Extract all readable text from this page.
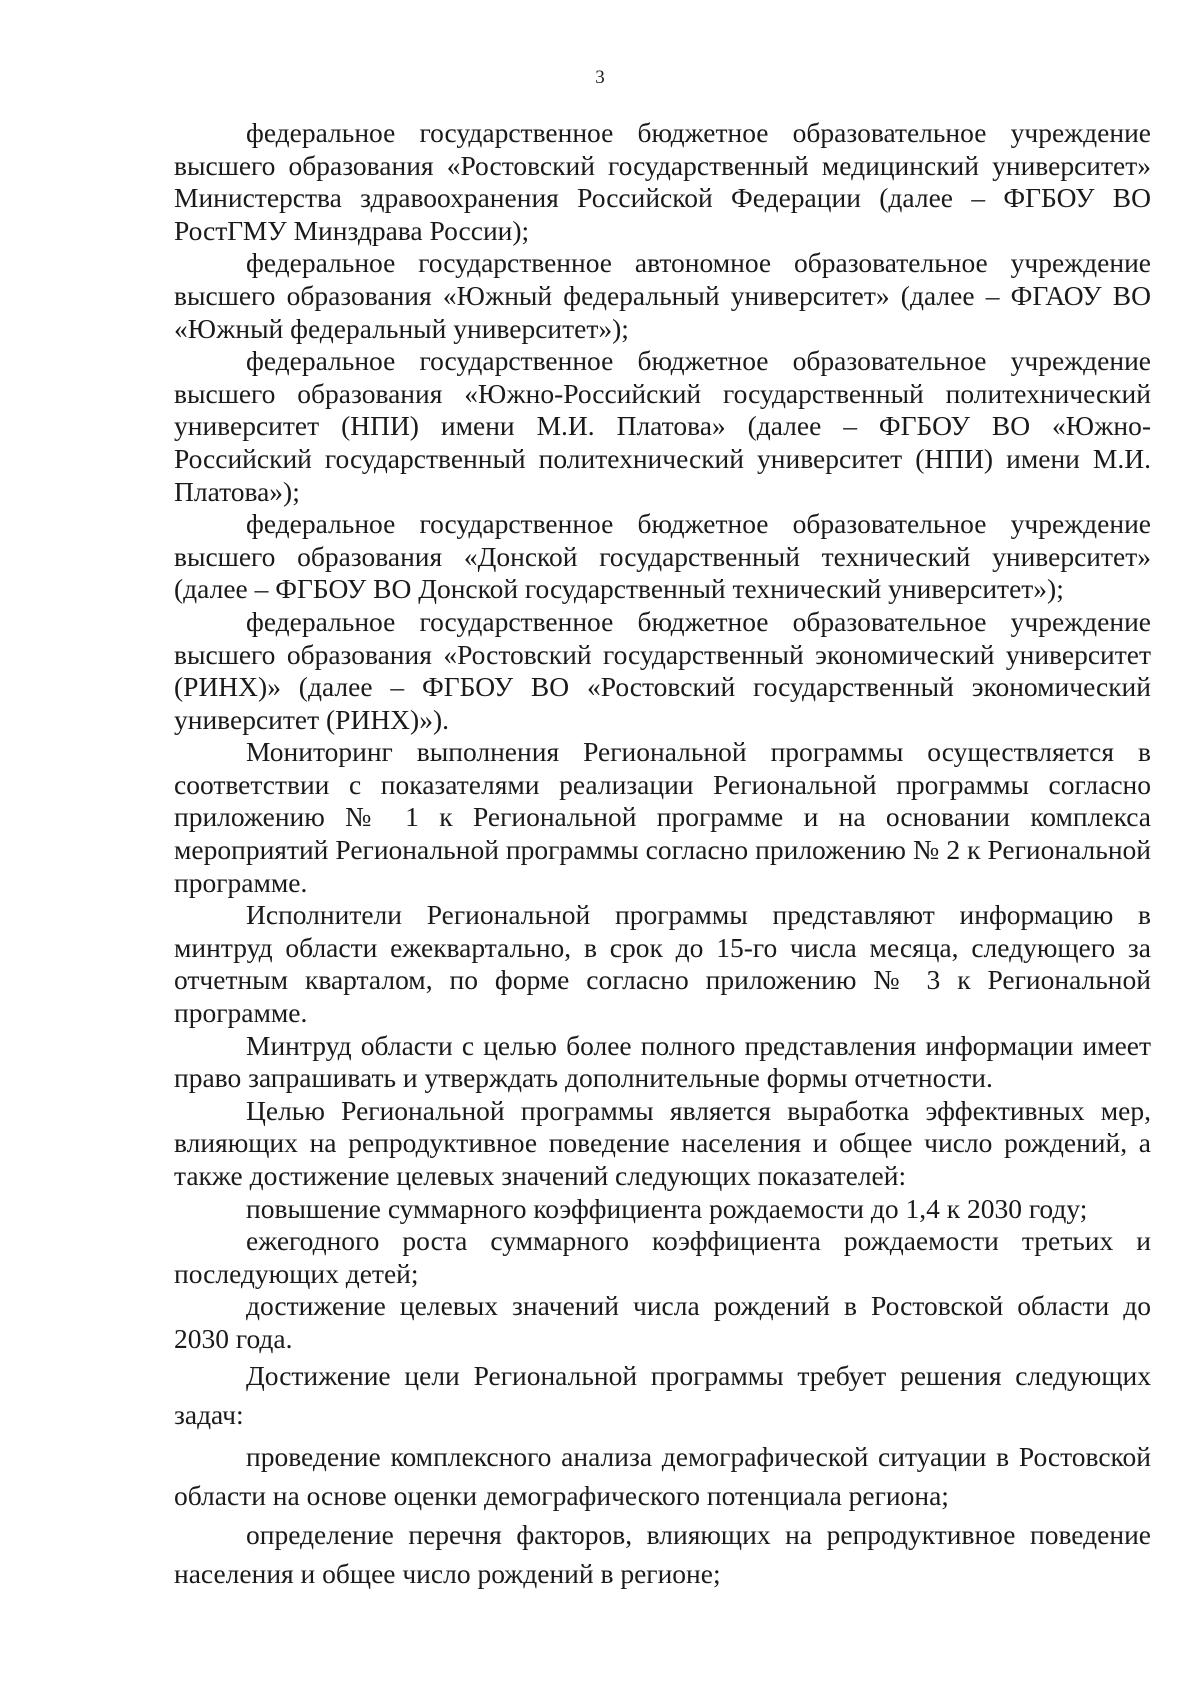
3

федеральное государственное бюджетное образовательное учреждение высшего образования «Ростовский государственный медицинский университет» Министерства здравоохранения Российской Федерации (далее – ФГБОУ ВО РостГМУ Минздрава России);

федеральное государственное автономное образовательное учреждение высшего образования «Южный федеральный университет» (далее – ФГАОУ ВО «Южный федеральный университет»);

федеральное государственное бюджетное образовательное учреждение высшего образования «Южно-Российский государственный политехнический университет (НПИ) имени М.И. Платова» (далее – ФГБОУ ВО «Южно-Российский государственный политехнический университет (НПИ) имени М.И. Платова»);

федеральное государственное бюджетное образовательное учреждение высшего образования «Донской государственный технический университет» (далее – ФГБОУ ВО Донской государственный технический университет»);

федеральное государственное бюджетное образовательное учреждение высшего образования «Ростовский государственный экономический университет (РИНХ)» (далее – ФГБОУ ВО «Ростовский государственный экономический университет (РИНХ)»).

Мониторинг выполнения Региональной программы осуществляется в соответствии с показателями реализации Региональной программы согласно приложению № 1 к Региональной программе и на основании комплекса мероприятий Региональной программы согласно приложению № 2 к Региональной программе.

Исполнители Региональной программы представляют информацию в минтруд области ежеквартально, в срок до 15-го числа месяца, следующего за отчетным кварталом, по форме согласно приложению № 3 к Региональной программе.

Минтруд области с целью более полного представления информации имеет право запрашивать и утверждать дополнительные формы отчетности.

Целью Региональной программы является выработка эффективных мер, влияющих на репродуктивное поведение населения и общее число рождений, а также достижение целевых значений следующих показателей:

повышение суммарного коэффициента рождаемости до 1,4 к 2030 году;

ежегодного роста суммарного коэффициента рождаемости третьих и последующих детей;

достижение целевых значений числа рождений в Ростовской области до 2030 года.

Достижение цели Региональной программы требует решения следующих задач:

проведение комплексного анализа демографической ситуации в Ростовской области на основе оценки демографического потенциала региона;

определение перечня факторов, влияющих на репродуктивное поведение населения и общее число рождений в регионе;
